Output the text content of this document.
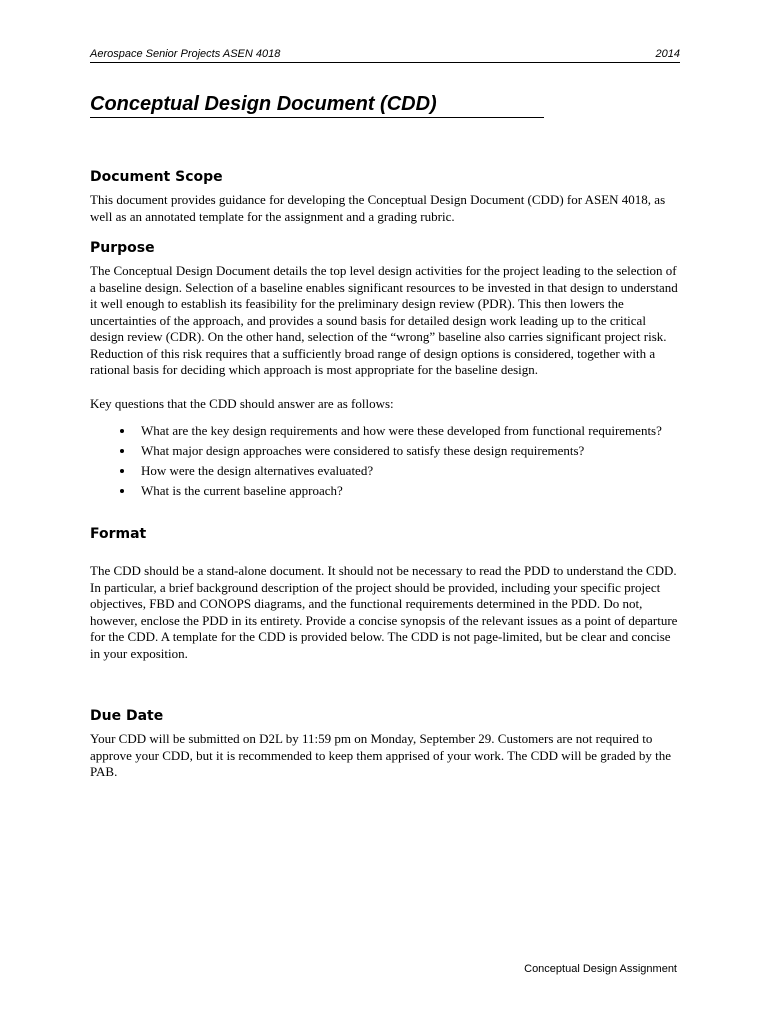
Aerospace Senior Projects ASEN 4018	2014
Conceptual Design Document (CDD)
Document Scope

This document provides guidance for developing the Conceptual Design Document (CDD) for ASEN 4018, as well as an annotated template for the assignment and a grading rubric.

Purpose

The Conceptual Design Document details the top level design activities for the project leading to the selection of a baseline design. Selection of a baseline enables significant resources to be invested in that design to understand it well enough to establish its feasibility for the preliminary design review (PDR). This then lowers the uncertainties of the approach, and provides a sound basis for detailed design work leading up to the critical design review (CDR). On the other hand, selection of the “wrong” baseline also carries significant project risk. Reduction of this risk requires that a sufficiently broad range of design options is considered, together with a rational basis for deciding which approach is most appropriate for the baseline design.

Key questions that the CDD should answer are as follows:

• What are the key design requirements and how were these developed from functional requirements?
• What major design approaches were considered to satisfy these design requirements?
• How were the design alternatives evaluated?
• What is the current baseline approach?
Format

The CDD should be a stand-alone document. It should not be necessary to read the PDD to understand the CDD. In particular, a brief background description of the project should be provided, including your specific project objectives, FBD and CONOPS diagrams, and the functional requirements determined in the PDD. Do not, however, enclose the PDD in its entirety. Provide a concise synopsis of the relevant issues as a point of departure for the CDD. A template for the CDD is provided below. The CDD is not page-limited, but be clear and concise in your exposition.

Due Date

Your CDD will be submitted on D2L by 11:59 pm on Monday, September 29. Customers are not required to approve your CDD, but it is recommended to keep them apprised of your work. The CDD will be graded by the PAB.

Conceptual Design Assignment
